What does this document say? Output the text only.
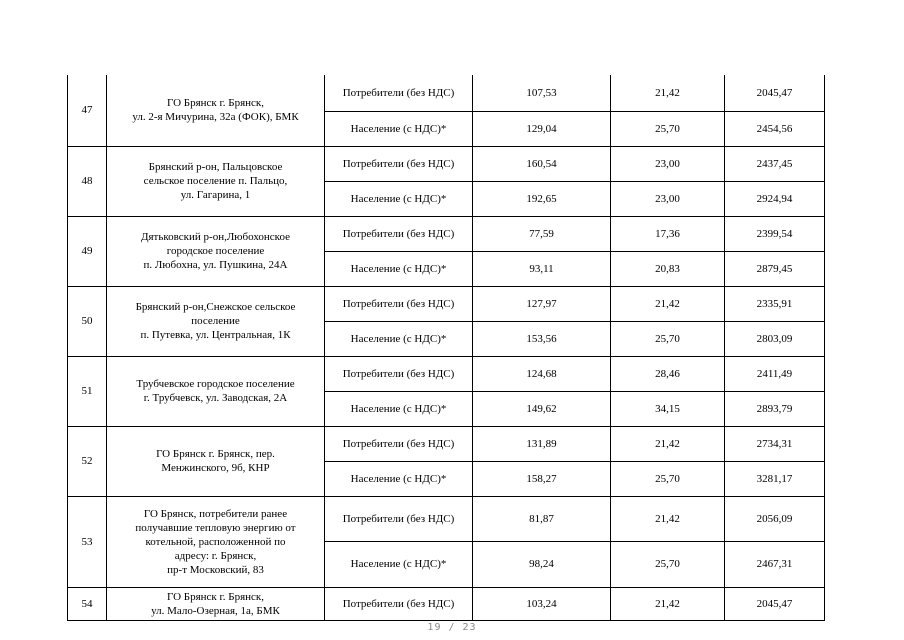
47	ГО Брянск г. Брянск,
ул. 2-я Мичурина, 32а (ФОК), БМК	Потребители (без НДС)	107,53	21,42	2045,47
		Население (с НДС)*	129,04	25,70	2454,56
48	Брянский р-он, Пальцовское
сельское поселение п. Пальцо,
ул. Гагарина, 1	Потребители (без НДС)	160,54	23,00	2437,45
		Население (с НДС)*	192,65	23,00	2924,94
49	Дятьковский р-он,Любохонское
городское поселение
п. Любохна, ул. Пушкина, 24А	Потребители (без НДС)	77,59	17,36	2399,54
		Население (с НДС)*	93,11	20,83	2879,45
50	Брянский р-он,Снежское сельское
поселение
п. Путевка, ул. Центральная, 1К	Потребители (без НДС)	127,97	21,42	2335,91
		Население (с НДС)*	153,56	25,70	2803,09
51	Трубчевское городское поселение
г. Трубчевск, ул. Заводская, 2А	Потребители (без НДС)	124,68	28,46	2411,49
		Население (с НДС)*	149,62	34,15	2893,79
52	ГО Брянск г. Брянск, пер.
Менжинского, 9б, КНР	Потребители (без НДС)	131,89	21,42	2734,31
		Население (с НДС)*	158,27	25,70	3281,17
53	ГО Брянск, потребители ранее
получавшие тепловую энергию от
котельной, расположенной по
адресу: г. Брянск,
пр-т Московский, 83	Потребители (без НДС)	81,87	21,42	2056,09
		Население (с НДС)*	98,24	25,70	2467,31
54	ГО Брянск г. Брянск,
ул. Мало-Озерная, 1а, БМК	Потребители (без НДС)	103,24	21,42	2045,47
19 / 23
